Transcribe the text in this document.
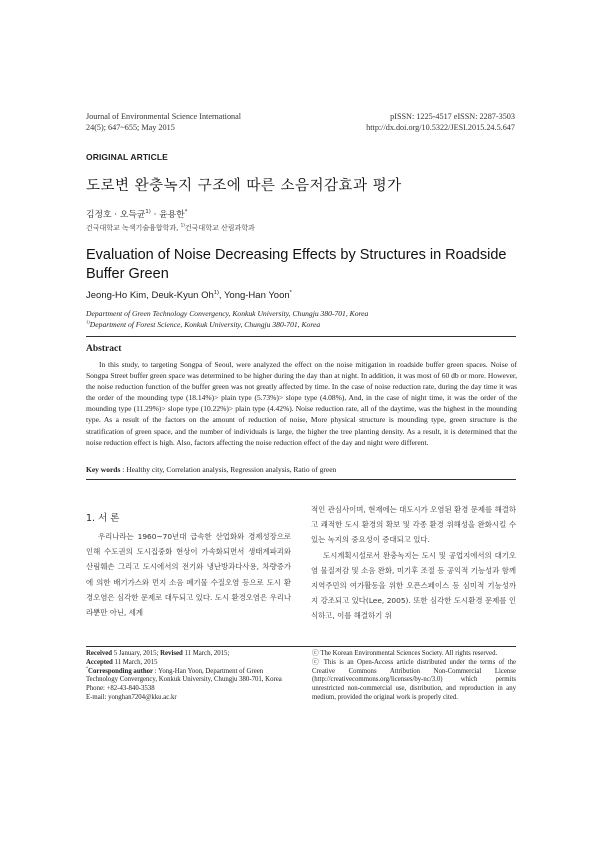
Journal of Environmental Science International
24(5); 647~655; May 2015
pISSN: 1225-4517 eISSN: 2287-3503
http://dx.doi.org/10.5322/JESI.2015.24.5.647
ORIGINAL ARTICLE
도로변 완충녹지 구조에 따른 소음저감효과 평가
김정호 · 오득균$^{1)}$ · 윤용한*
건국대학교 녹색기술융합학과, $^{1)}$건국대학교 산림과학과
Evaluation of Noise Decreasing Effects by Structures in Roadside Buffer Green
Jeong-Ho Kim, Deuk-Kyun Oh$^{1)}$, Yong-Han Yoon*
Department of Green Technology Convergency, Konkuk University, Chungju 380-701, Korea
$^{1)}$Department of Forest Science, Konkuk University, Chungju 380-701, Korea
Abstract
In this study, to targeting Songpa of Seoul, were analyzed the effect on the noise mitigation in roadside buffer green spaces. Noise of Songpa Street buffer green space was determined to be higher during the day than at night. In addition, it was most of 60 db or more. However, the noise reduction function of the buffer green was not greatly affected by time. In the case of noise reduction rate, during the day time it was the order of the mounding type (18.14%)> plain type (5.73%)> slope type (4.08%), And, in the case of night time, it was the order of the mounding type (11.29%)> slope type (10.22%)> plain type (4.42%). Noise reduction rate, all of the daytime, was the highest in the mounding type. As a result of the factors on the amount of reduction of noise, More physical structure is mounding type, green structure is the stratification of green space, and the number of individuals is large, the higher the tree planting density. As a result, it is determined that the noise reduction effect is high. Also, factors affecting the noise reduction effect of the day and night were different.
Key words : Healthy city, Correlation analysis, Regression analysis, Ratio of green
1. 서 론

우리나라는 1960~70년대 급속한 산업화와 경제성장으로 인해 수도권의 도시집중화 현상이 가속화되면서 생태계파괴와 산림훼손 그리고 도시에서의 전기와 냉난방과다사용, 차량증가에 의한 배기가스와 먼지 소음 폐기물 수질오염 등으로 도시 환경오염은 심각한 문제로 대두되고 있다. 도시 환경오염은 우리나라뿐만 아닌, 세계

적인 관심사이며, 현재에는 대도시가 오염된 환경 문제를 해결하고 쾌적한 도시 환경의 확보 및 각종 환경 위해성을 완화시킬 수 있는 녹지의 중요성이 증대되고 있다.

도시계획시설로서 완충녹지는 도시 및 공업지에서의 대기오염 물질저감 및 소음 완화, 미기후 조절 등 공익적 기능성과 함께 지역주민의 여가활동을 위한 오픈스페이스 등 심미적 기능성까지 강조되고 있다(Lee, 2005). 또한 심각한 도시환경 문제를 인식하고, 이를 해결하기 위

Received 5 January, 2015; Revised 11 March, 2015;
Accepted 11 March, 2015
*Corresponding author : Yong-Han Yoon, Department of Green Technology Convergency, Konkuk University, Chungju 380-701, Korea
Phone: +82-43-840-3538
E-mail: yonghan7204@kku.ac.kr
ⓒ The Korean Environmental Sciences Society. All rights reserved.
ⓒ This is an Open-Access article distributed under the terms of the Creative Commons Attribution Non-Commercial License (http://creativecommons.org/licenses/by-nc/3.0) which permits unrestricted non-commercial use, distribution, and reproduction in any medium, provided the original work is properly cited.
